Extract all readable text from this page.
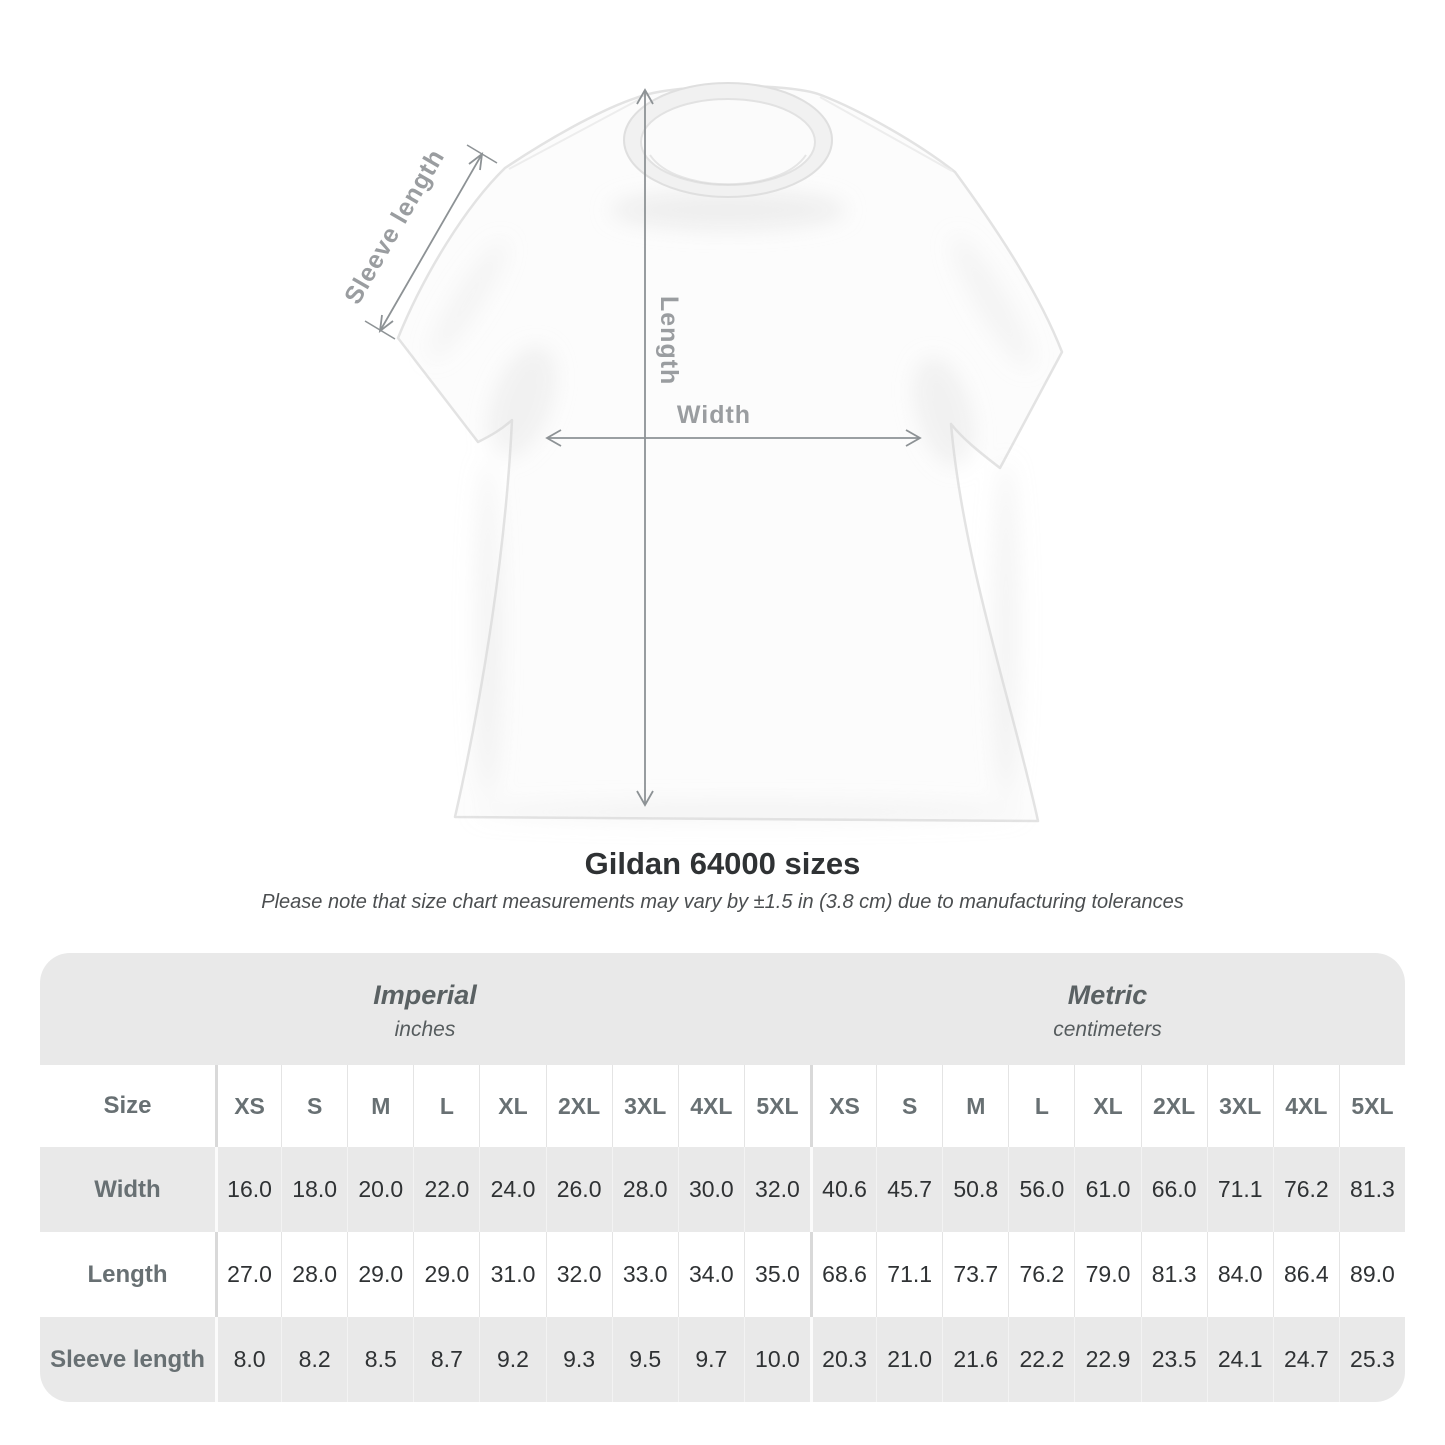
Sleeve length
Length
Width
Gildan 64000 sizes

Please note that size chart measurements may vary by ±1.5 in (3.8 cm) due to manufacturing tolerances

Imperial
inches
Metric
centimeters
Size	XS	S	M	L	XL	2XL	3XL	4XL	5XL	XS	S	M	L	XL	2XL	3XL	4XL	5XL
Width	16.0 18.0 20.0 22.0 24.0 26.0 28.0 30.0 32.0 40.6 45.7 50.8 56.0 61.0 66.0 71.1 76.2 81.3
Length	27.0 28.0 29.0 29.0 31.0 32.0 33.0 34.0 35.0 68.6 71.1 73.7 76.2 79.0 81.3 84.0 86.4 89.0
Sleeve length	8.0	8.2	8.5	8.7	9.2	9.3	9.5	9.7	10.0 20.3 21.0 21.6 22.2 22.9 23.5 24.1 24.7 25.3
